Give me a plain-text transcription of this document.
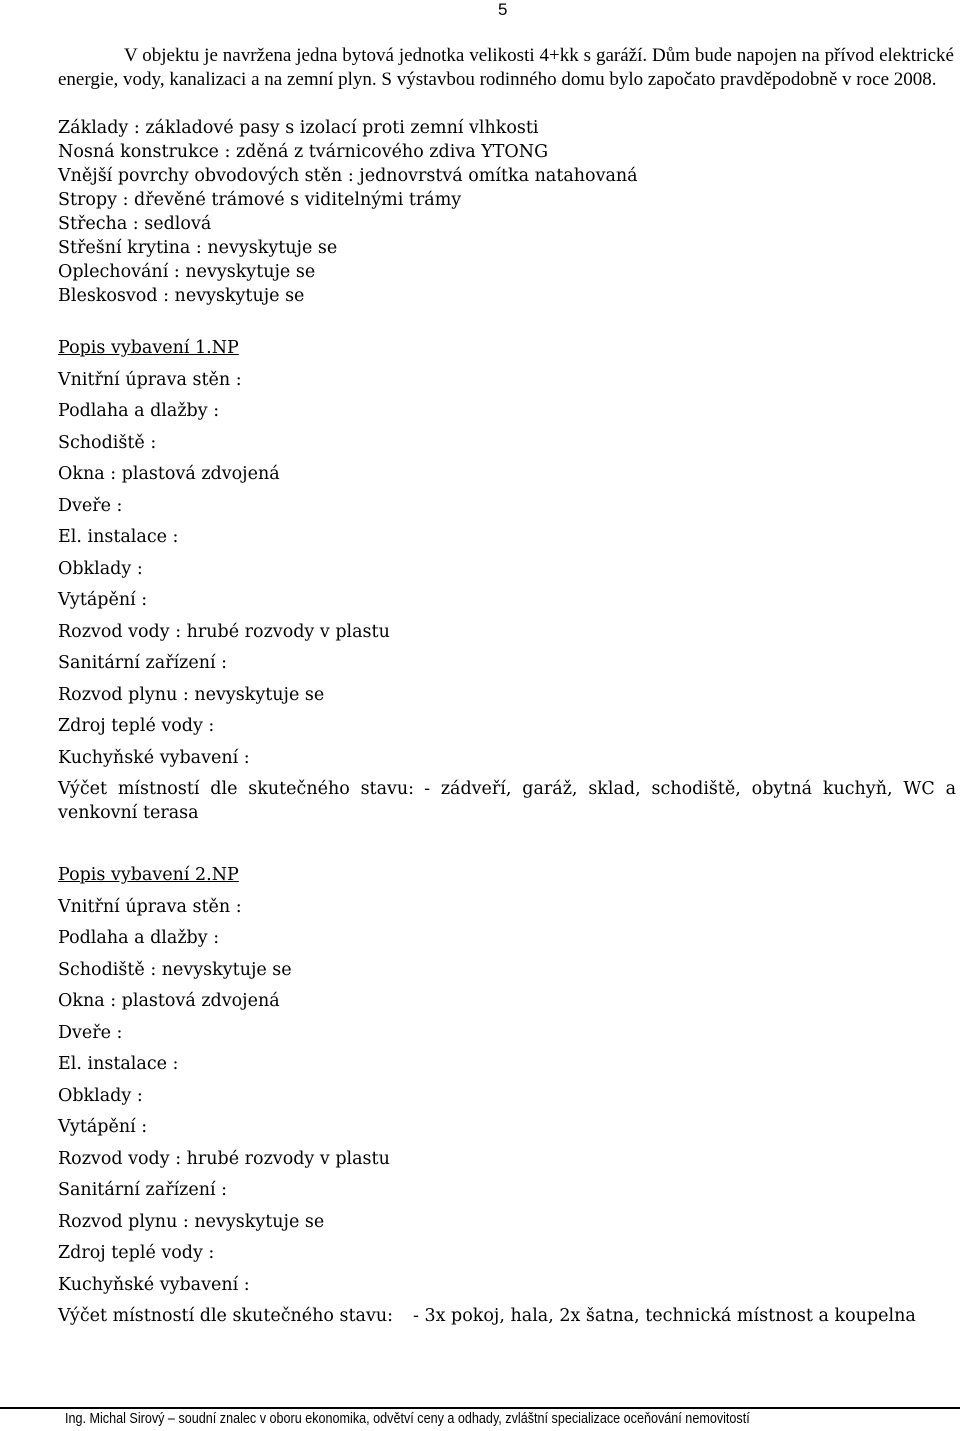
5

V objektu je navržena jedna bytová jednotka velikosti 4+kk s garáží. Dům bude napojen na přívod elektrické energie, vody, kanalizaci a na zemní plyn. S výstavbou rodinného domu bylo započato pravděpodobně v roce 2008.

Základy : základové pasy s izolací proti zemní vlhkosti
Nosná konstrukce : zděná z tvárnicového zdiva YTONG
Vnější povrchy obvodových stěn : jednovrstvá omítka natahovaná
Stropy : dřevěné trámové s viditelnými trámy
Střecha : sedlová
Střešní krytina : nevyskytuje se
Oplechování : nevyskytuje se
Bleskosvod : nevyskytuje se
Popis vybavení 1.NP
Vnitřní úprava stěn :
Podlaha a dlažby :
Schodiště :
Okna : plastová zdvojená
Dveře :
El. instalace :
Obklady :
Vytápění :
Rozvod vody : hrubé rozvody v plastu
Sanitární zařízení :
Rozvod plynu : nevyskytuje se
Zdroj teplé vody :
Kuchyňské vybavení :
Výčet místností dle skutečného stavu: - zádveří, garáž, sklad, schodiště, obytná kuchyň, WC a venkovní terasa
Popis vybavení 2.NP
Vnitřní úprava stěn :
Podlaha a dlažby :
Schodiště : nevyskytuje se
Okna : plastová zdvojená
Dveře :
El. instalace :
Obklady :
Vytápění :
Rozvod vody : hrubé rozvody v plastu
Sanitární zařízení :
Rozvod plynu : nevyskytuje se
Zdroj teplé vody :
Kuchyňské vybavení :
Výčet místností dle skutečného stavu: - 3x pokoj, hala, 2x šatna, technická místnost a koupelna
Ing. Michal Sirový – soudní znalec v oboru ekonomika, odvětví ceny a odhady, zvláštní specializace oceňování nemovitostí
